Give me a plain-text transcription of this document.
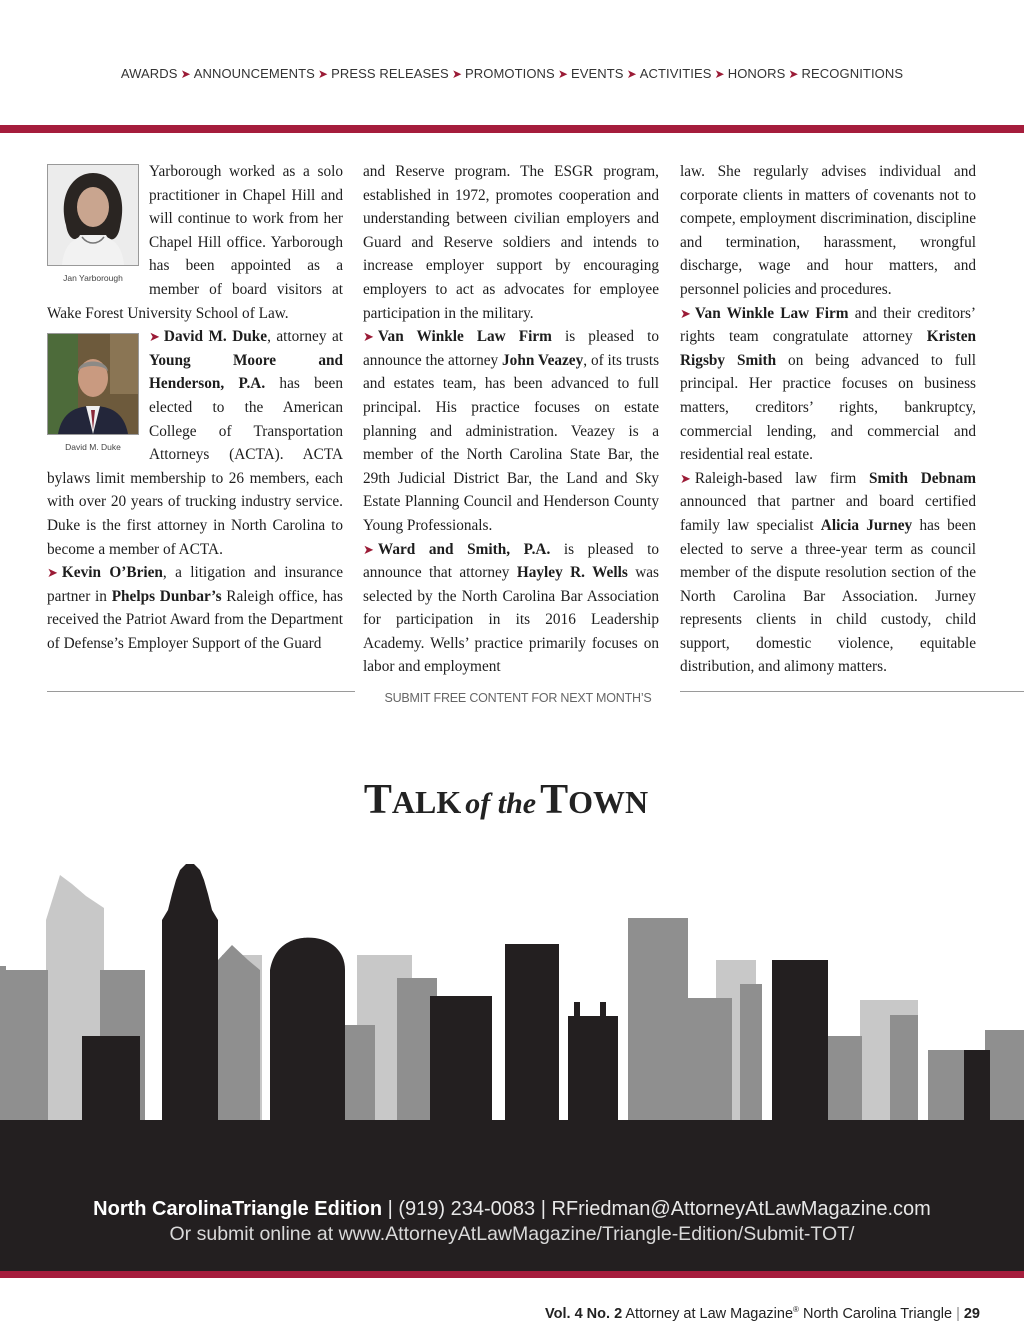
AWARDS ➤ ANNOUNCEMENTS ➤ PRESS RELEASES ➤ PROMOTIONS ➤ EVENTS ➤ ACTIVITIES ➤ HONORS ➤ RECOGNITIONS
Jan Yarborough

Yarborough worked as a solo practitioner in Chapel Hill and will continue to work from her Chapel Hill office. Yarborough has been appointed as a member of board visitors at Wake Forest University School of Law.

David M. Duke

➤ David M. Duke, attorney at Young Moore and Henderson, P.A. has been elected to the American College of Transportation Attorneys (ACTA). ACTA bylaws limit membership to 26 members, each with over 20 years of trucking industry service. Duke is the first attorney in North Carolina to become a member of ACTA.

➤ Kevin O’Brien, a litigation and insurance partner in Phelps Dunbar’s Raleigh office, has received the Patriot Award from the Department of Defense’s Employer Support of the Guard

and Reserve program. The ESGR program, established in 1972, promotes cooperation and understanding between civilian employers and Guard and Reserve soldiers and intends to increase employer support by encouraging employers to act as advocates for employee participation in the military.

➤ Van Winkle Law Firm is pleased to announce the attorney John Veazey, of its trusts and estates team, has been advanced to full principal. His practice focuses on estate planning and administration. Veazey is a member of the North Carolina State Bar, the 29th Judicial District Bar, the Land and Sky Estate Planning Council and Henderson County Young Professionals.

➤ Ward and Smith, P.A. is pleased to announce that attorney Hayley R. Wells was selected by the North Carolina Bar Association for participation in its 2016 Leadership Academy. Wells’ practice primarily focuses on labor and employment

law. She regularly advises individual and corporate clients in matters of covenants not to compete, employment discrimination, discipline and termination, harassment, wrongful discharge, wage and hour matters, and personnel policies and procedures.

➤ Van Winkle Law Firm and their creditors’ rights team congratulate attorney Kristen Rigsby Smith on being advanced to full principal. Her practice focuses on business matters, creditors’ rights, bankruptcy, commercial lending, and commercial and residential real estate.

➤ Raleigh-based law firm Smith Debnam announced that partner and board certified family law specialist Alicia Jurney has been elected to serve a three-year term as council member of the dispute resolution section of the North Carolina Bar Association. Jurney represents clients in child custody, child support, domestic violence, equitable distribution, and alimony matters.

SUBMIT FREE CONTENT FOR NEXT MONTH’S
TALK of theTOWN
North CarolinaTriangle Edition | (919) 234-0083 | RFriedman@AttorneyAtLawMagazine.com
Or submit online at www.AttorneyAtLawMagazine/Triangle-Edition/Submit-TOT/
Vol. 4 No. 2 Attorney at Law Magazine® North Carolina Triangle | 29
